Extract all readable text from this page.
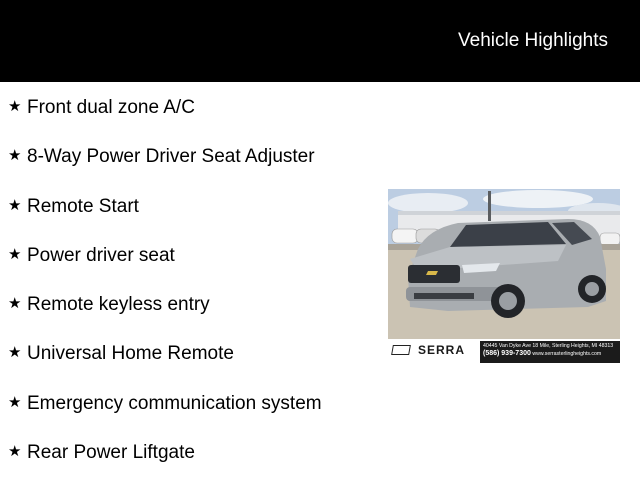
Vehicle Highlights
★ Front dual zone A/C
★ 8-Way Power Driver Seat Adjuster
★ Remote Start
★ Power driver seat
★ Remote keyless entry
★ Universal Home Remote
★ Emergency communication system
★ Rear Power Liftgate
SERRA	40445 Van Dyke Ave 18 Mile, Sterling Heights, MI 48313
(586) 939-7300 www.serrasterlingheights.com
